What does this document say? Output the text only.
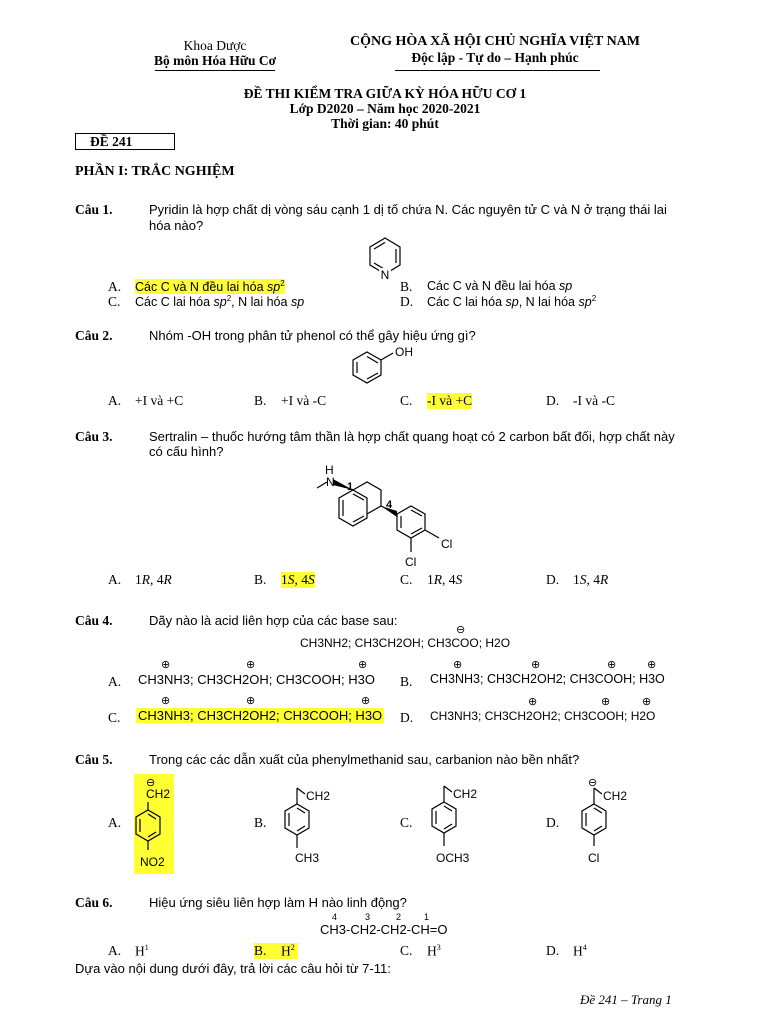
Khoa Dược
Bộ môn Hóa Hữu Cơ
CỘNG HÒA XÃ HỘI CHỦ NGHĨA VIỆT NAM
Độc lập - Tự do – Hạnh phúc
ĐỀ THI KIỂM TRA GIỮA KỲ HÓA HỮU CƠ 1
Lớp D2020 – Năm học 2020-2021
Thời gian: 40 phút
ĐỀ 241
PHẦN I: TRẮC NGHIỆM
Câu 1.	Pyridin là hợp chất dị vòng sáu cạnh 1 dị tố chứa N. Các nguyên tử C và N ở trạng thái lai
hóa nào?
N
A. Các C và N đều lai hóa $sp^2$	B. Các C và N đều lai hóa sp
C. Các C lai hóa $sp^2$, N lai hóa sp	D. Các C lai hóa sp, N lai hóa $sp^2$
Câu 2.	Nhóm -OH trong phân tử phenol có thể gây hiệu ứng gì?
OH
A. +I và +C	B. +I và -C	C. -I và +C	D. -I và -C
Câu 3.	Sertralin – thuốc hướng tâm thần là hợp chất quang hoạt có 2 carbon bất đối, hợp chất này
có cấu hình?
H
N 1
4
Cl
Cl
A. 1R, 4R	B. 1S, 4S	C. 1R, 4S	D. 1S, 4R
Câu 4.	Dãy nào là acid liên hợp của các base sau:
CH3NH2; CH3CH2OH; CH3COO; H2O
⊖
A. CH3NH3; CH3CH2OH; CH3COOH; H3O
⊕	⊕	⊕
B. CH3NH3; CH3CH2OH2; CH3COOH; H3O
⊕	⊕	⊕	⊕
C. CH3NH3; CH3CH2OH2; CH3COOH; H3O
⊕	⊕	⊕
D. CH3NH3; CH3CH2OH2; CH3COOH; H2O
⊕	⊕	⊕
Câu 5.	Trong các các dẫn xuất của phenylmethanid sau, carbanion nào bền nhất?
A.
⊖
CH2
NO2
B.
CH2
CH3
C.
CH2
OCH3
D.
⊖
CH2
Cl
Câu 6.	Hiệu ứng siêu liên hợp làm H nào linh động?
CH3-CH2-CH2-CH=O
4	3	2	1
A. $H^1$	B.	$H^2$	C. $H^3$	D. $H^4$
Dựa vào nội dung dưới đây, trả lời các câu hỏi từ 7-11:
Đề 241 – Trang 1
